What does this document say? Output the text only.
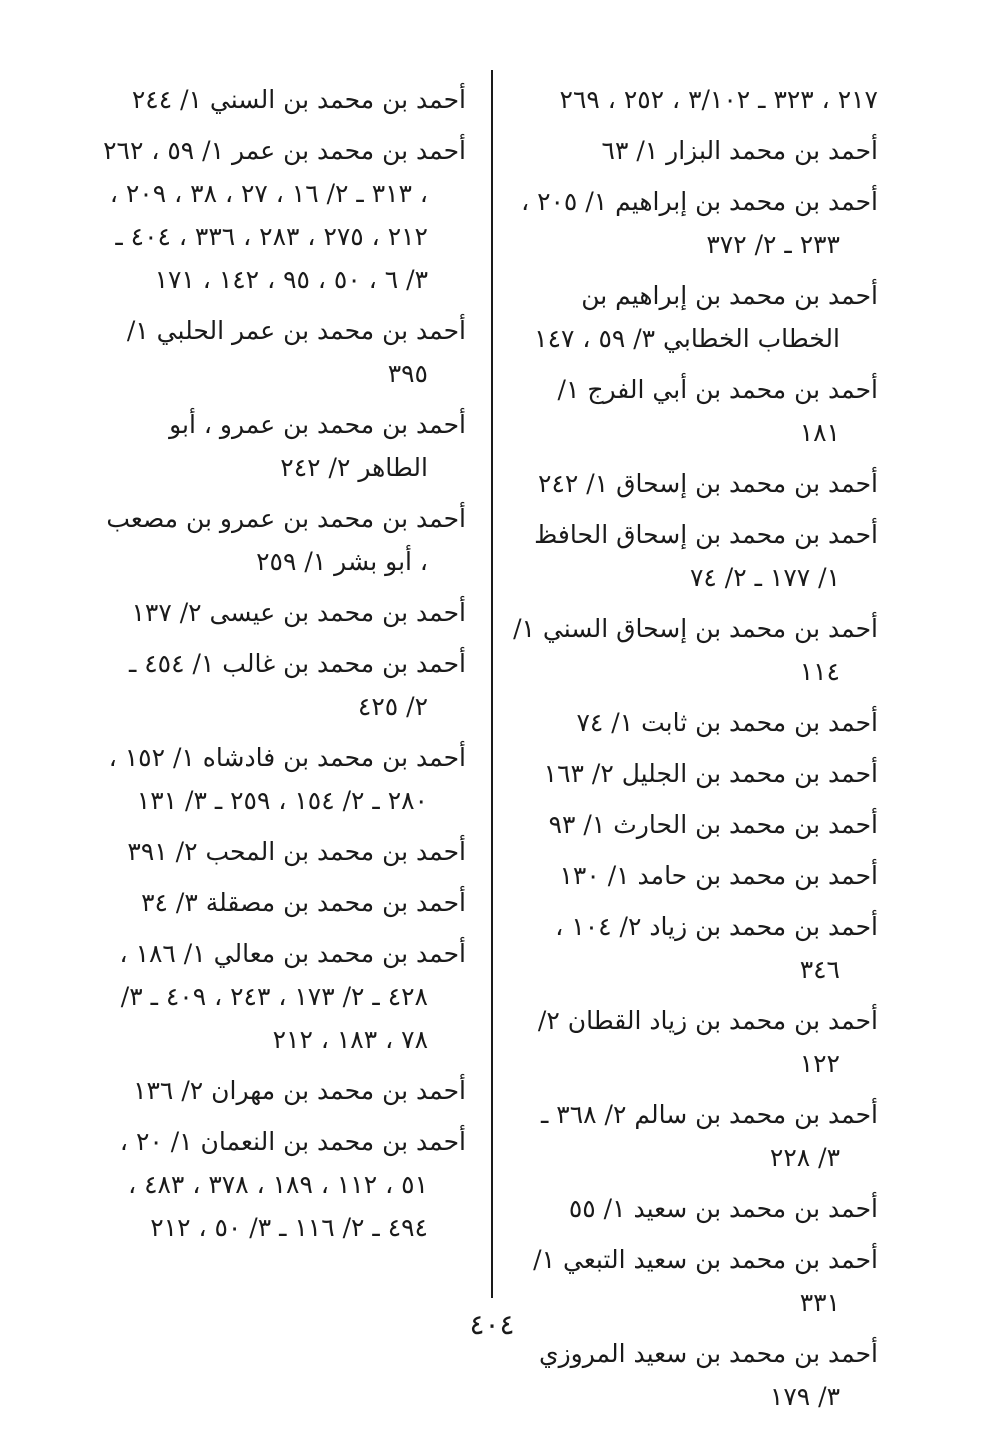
٢١٧ ، ٣٢٣ ـ ٣/١٠٢ ، ٢٥٢ ، ٢٦٩

أحمد بن محمد البزار ١/ ٦٣

أحمد بن محمد بن إبراهيم ١/ ٢٠٥ ، ٢٣٣ ـ ٢/ ٣٧٢

أحمد بن محمد بن إبراهيم بن الخطاب الخطابي ٣/ ٥٩ ، ١٤٧

أحمد بن محمد بن أبي الفرج ١/ ١٨١

أحمد بن محمد بن إسحاق ١/ ٢٤٢

أحمد بن محمد بن إسحاق الحافظ ١/ ١٧٧ ـ ٢/ ٧٤

أحمد بن محمد بن إسحاق السني ١/ ١١٤

أحمد بن محمد بن ثابت ١/ ٧٤

أحمد بن محمد بن الجليل ٢/ ١٦٣

أحمد بن محمد بن الحارث ١/ ٩٣

أحمد بن محمد بن حامد ١/ ١٣٠

أحمد بن محمد بن زياد ٢/ ١٠٤ ، ٣٤٦

أحمد بن محمد بن زياد القطان ٢/ ١٢٢

أحمد بن محمد بن سالم ٢/ ٣٦٨ ـ ٣/ ٢٢٨

أحمد بن محمد بن سعيد ١/ ٥٥

أحمد بن محمد بن سعيد التبعي ١/ ٣٣١

أحمد بن محمد بن سعيد المروزي ٣/ ١٧٩

أحمد بن محمد بن السني ١/ ٢٤٤

أحمد بن محمد بن عمر ١/ ٥٩ ، ٢٦٢ ، ٣١٣ ـ ٢/ ١٦ ، ٢٧ ، ٣٨ ، ٢٠٩ ، ٢١٢ ، ٢٧٥ ، ٢٨٣ ، ٣٣٦ ، ٤٠٤ ـ ٣/ ٦ ، ٥٠ ، ٩٥ ، ١٤٢ ، ١٧١

أحمد بن محمد بن عمر الحلبي ١/ ٣٩٥

أحمد بن محمد بن عمرو ، أبو الطاهر ٢/ ٢٤٢

أحمد بن محمد بن عمرو بن مصعب ، أبو بشر ١/ ٢٥٩

أحمد بن محمد بن عيسى ٢/ ١٣٧

أحمد بن محمد بن غالب ١/ ٤٥٤ ـ ٢/ ٤٢٥

أحمد بن محمد بن فادشاه ١/ ١٥٢ ، ٢٨٠ ـ ٢/ ١٥٤ ، ٢٥٩ ـ ٣/ ١٣١

أحمد بن محمد بن المحب ٢/ ٣٩١

أحمد بن محمد بن مصقلة ٣/ ٣٤

أحمد بن محمد بن معالي ١/ ١٨٦ ، ٤٢٨ ـ ٢/ ١٧٣ ، ٢٤٣ ، ٤٠٩ ـ ٣/ ٧٨ ، ١٨٣ ، ٢١٢

أحمد بن محمد بن مهران ٢/ ١٣٦

أحمد بن محمد بن النعمان ١/ ٢٠ ، ٥١ ، ١١٢ ، ١٨٩ ، ٣٧٨ ، ٤٨٣ ، ٤٩٤ ـ ٢/ ١١٦ ـ ٣/ ٥٠ ، ٢١٢

٤٠٤
